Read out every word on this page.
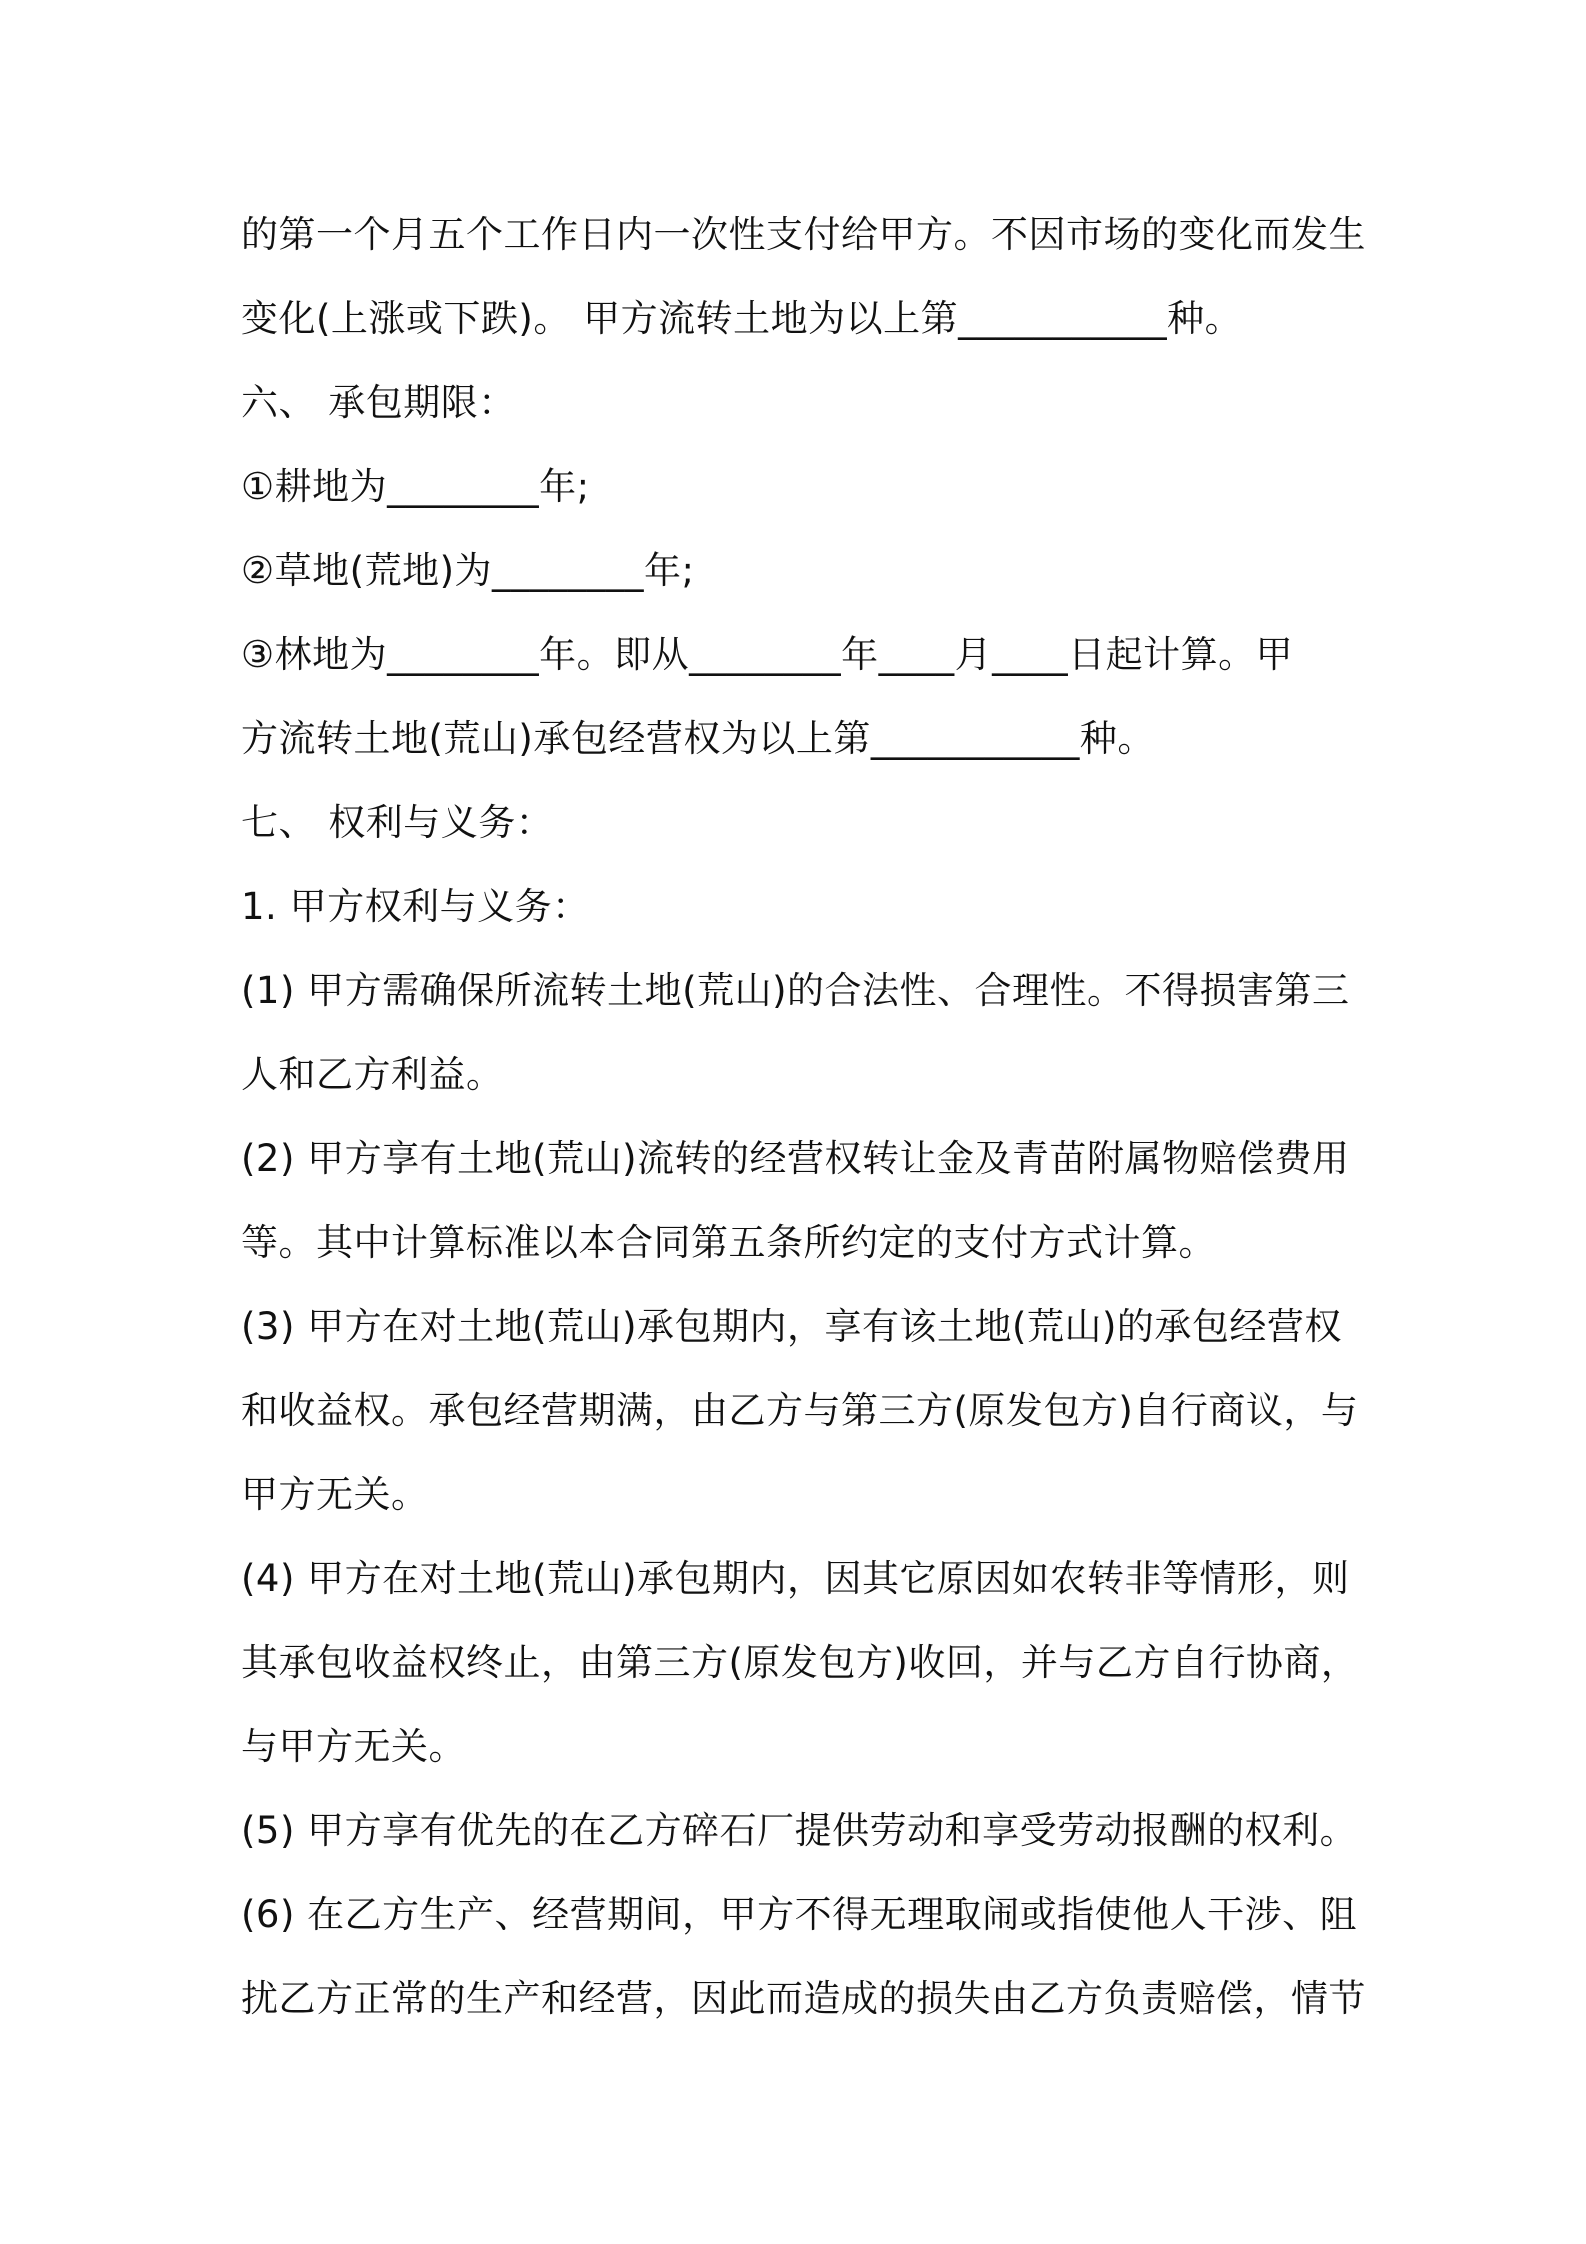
的第一个月五个工作日内一次性支付给甲方。不因市场的变化而发生
变化(上涨或下跌)。 甲方流转土地为以上第___________种。
六、 承包期限：
①耕地为________年;
②草地(荒地)为________年;
③林地为________年。即从________年____月____日起计算。甲
方流转土地(荒山)承包经营权为以上第___________种。
七、 权利与义务：
1. 甲方权利与义务：
(1) 甲方需确保所流转土地(荒山)的合法性、合理性。不得损害第三
人和乙方利益。
(2) 甲方享有土地(荒山)流转的经营权转让金及青苗附属物赔偿费用
等。其中计算标准以本合同第五条所约定的支付方式计算。
(3) 甲方在对土地(荒山)承包期内，享有该土地(荒山)的承包经营权
和收益权。承包经营期满，由乙方与第三方(原发包方)自行商议，与
甲方无关。
(4) 甲方在对土地(荒山)承包期内，因其它原因如农转非等情形，则
其承包收益权终止，由第三方(原发包方)收回，并与乙方自行协商，
与甲方无关。
(5) 甲方享有优先的在乙方碎石厂提供劳动和享受劳动报酬的权利。
(6) 在乙方生产、经营期间，甲方不得无理取闹或指使他人干涉、阻
扰乙方正常的生产和经营，因此而造成的损失由乙方负责赔偿，情节
